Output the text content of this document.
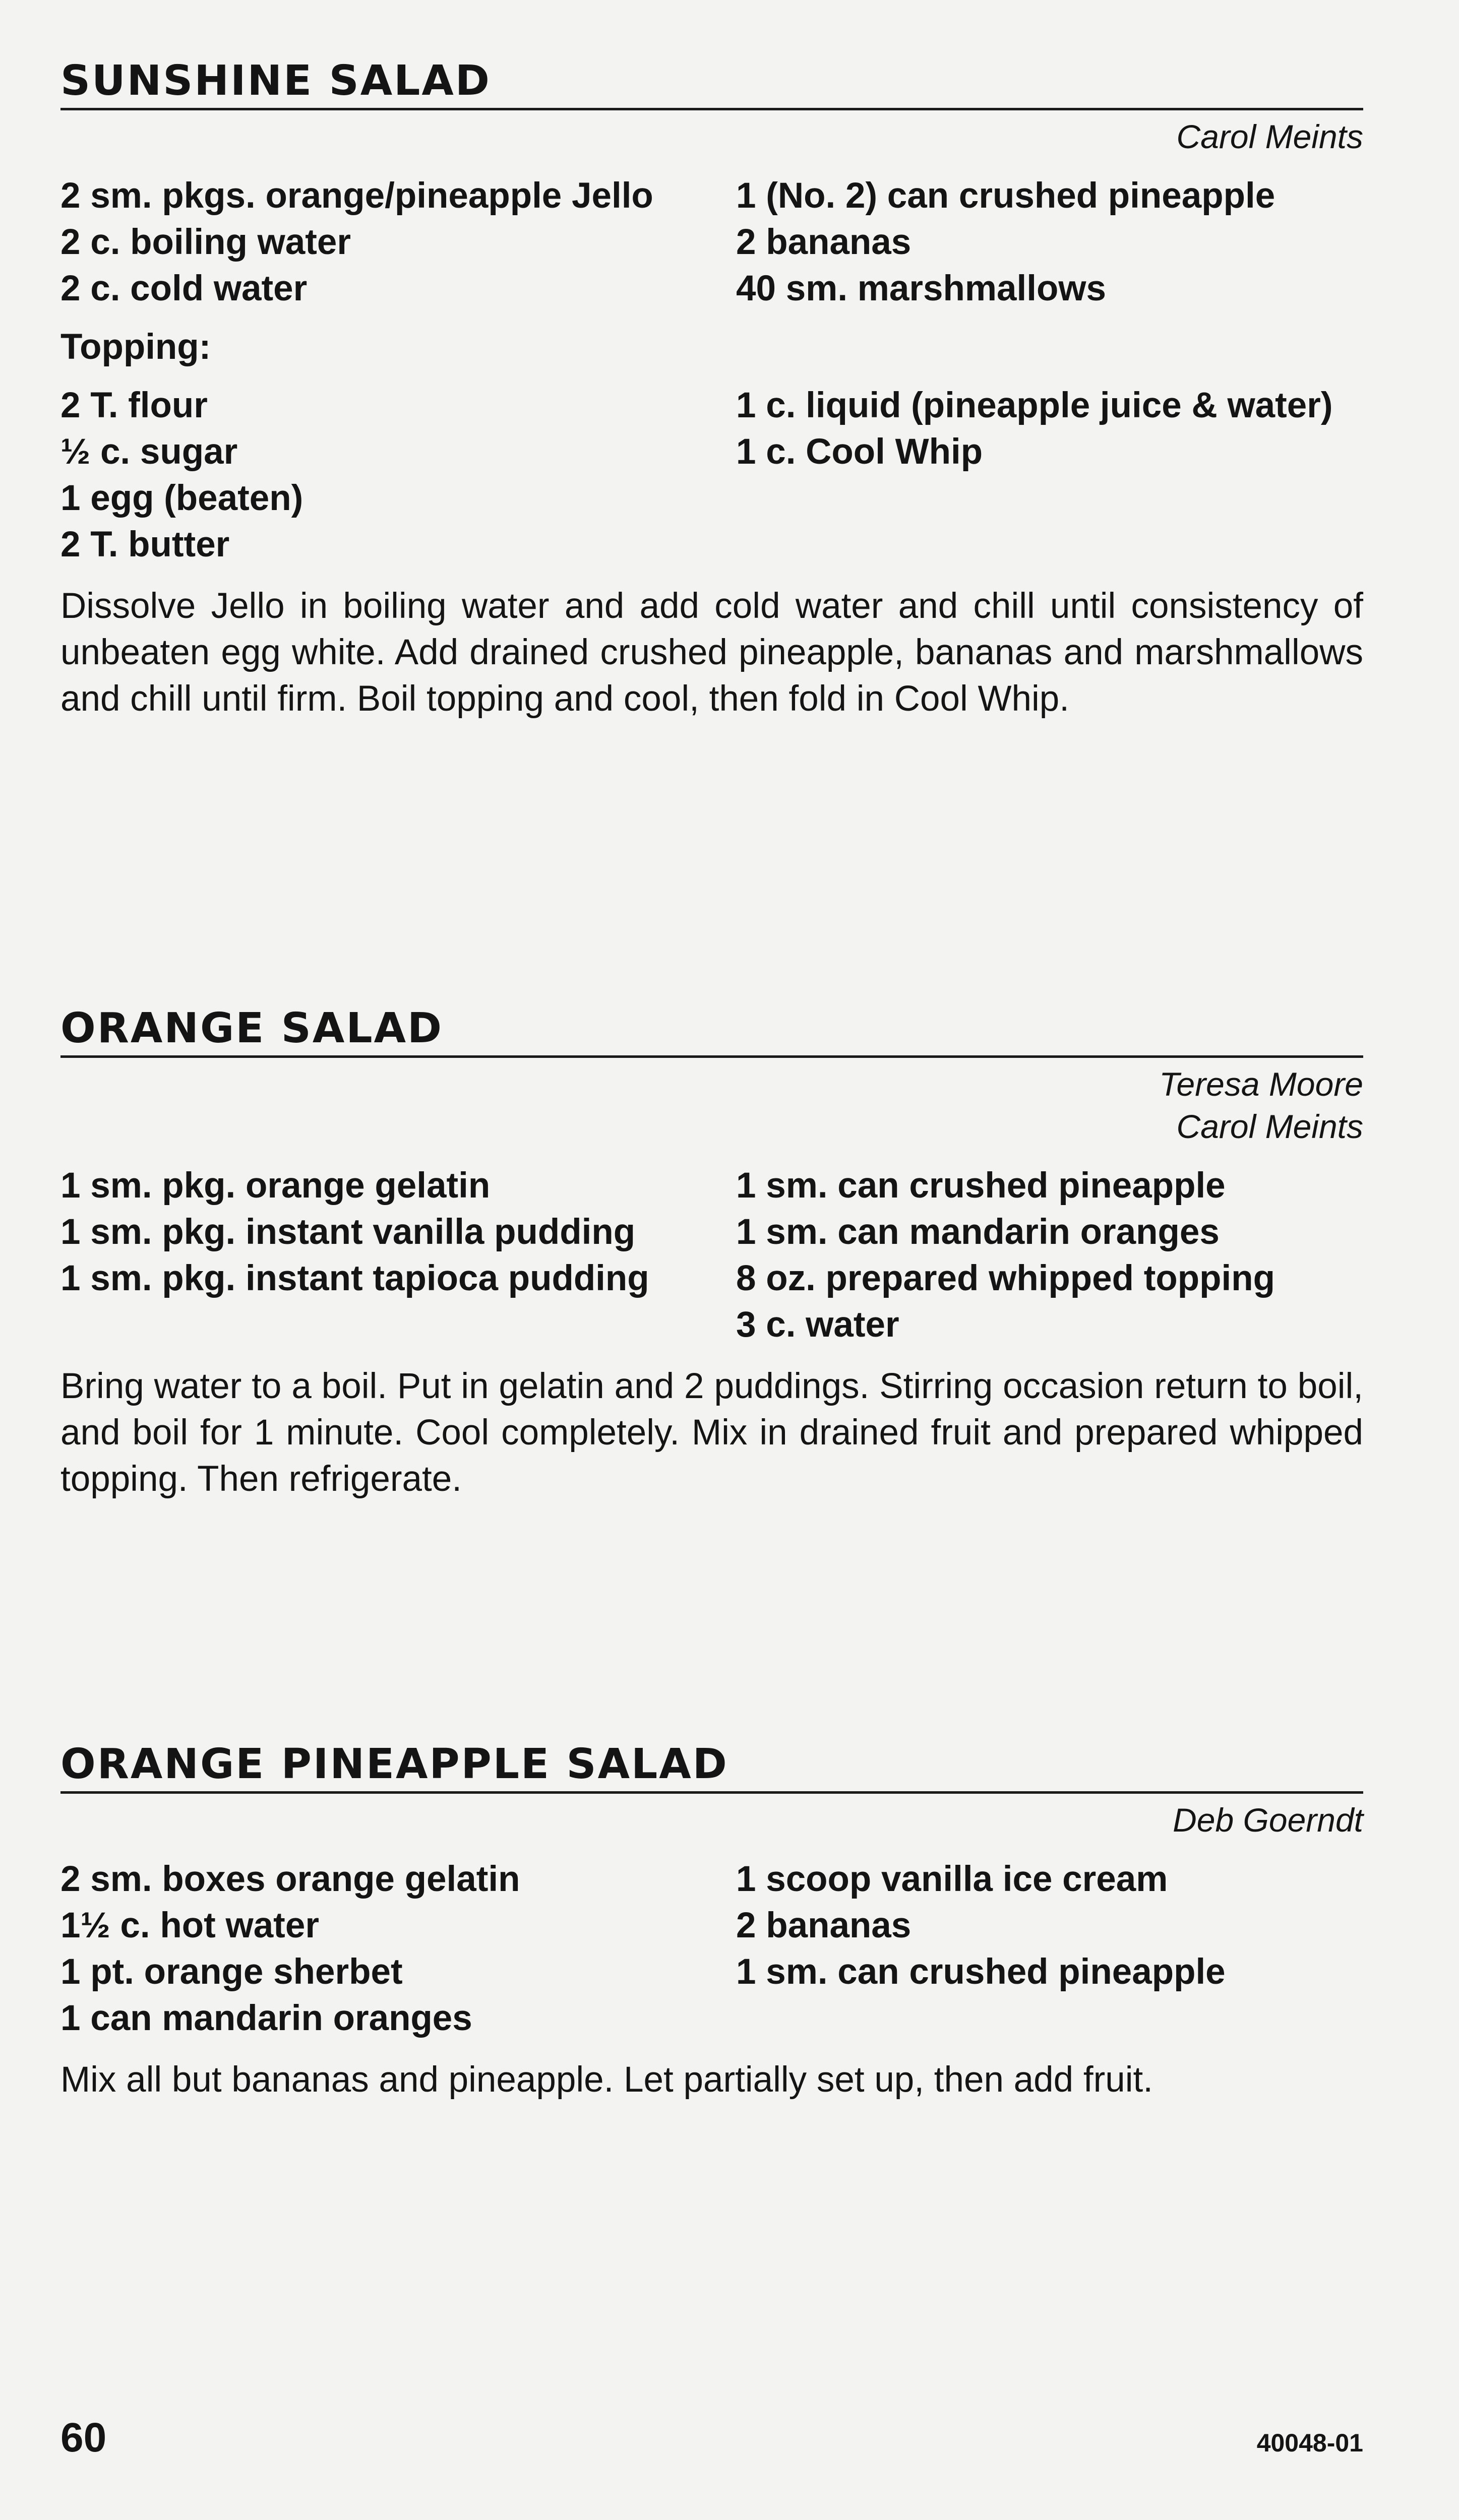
SUNSHINE SALAD
Carol Meints
2 sm. pkgs. orange/pineapple Jello
2 c. boiling water
2 c. cold water
1 (No. 2) can crushed pineapple
2 bananas
40 sm. marshmallows
Topping:
2 T. flour
½ c. sugar
1 egg (beaten)
2 T. butter
1 c. liquid (pineapple juice & water)
1 c. Cool Whip

Dissolve Jello in boiling water and add cold water and chill until consistency of unbeaten egg white. Add drained crushed pineapple, bananas and marshmallows and chill until firm. Boil topping and cool, then fold in Cool Whip.

ORANGE SALAD
Teresa Moore
Carol Meints
1 sm. pkg. orange gelatin
1 sm. pkg. instant vanilla pudding
1 sm. pkg. instant tapioca pudding
1 sm. can crushed pineapple
1 sm. can mandarin oranges
8 oz. prepared whipped topping
3 c. water

Bring water to a boil. Put in gelatin and 2 puddings. Stirring occasion return to boil, and boil for 1 minute. Cool completely. Mix in drained fruit and prepared whipped topping. Then refrigerate.

ORANGE PINEAPPLE SALAD
Deb Goerndt
2 sm. boxes orange gelatin
1½ c. hot water
1 pt. orange sherbet
1 can mandarin oranges
1 scoop vanilla ice cream
2 bananas
1 sm. can crushed pineapple

Mix all but bananas and pineapple. Let partially set up, then add fruit.

60	40048-01
